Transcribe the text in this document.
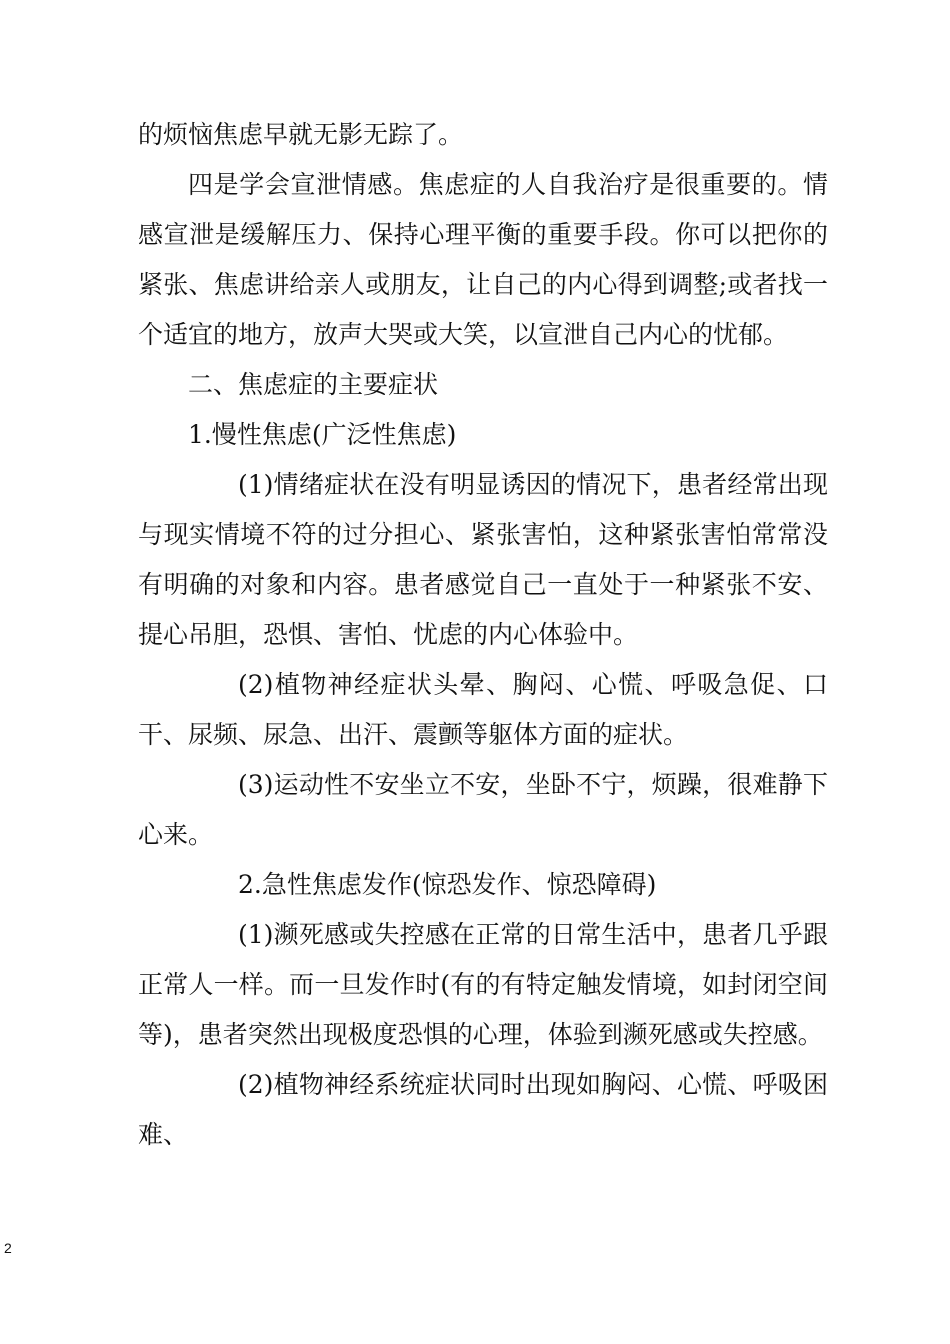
的烦恼焦虑早就无影无踪了。

四是学会宣泄情感。焦虑症的人自我治疗是很重要的。情感宣泄是缓解压力、保持心理平衡的重要手段。你可以把你的紧张、焦虑讲给亲人或朋友，让自己的内心得到调整;或者找一个适宜的地方，放声大哭或大笑，以宣泄自己内心的忧郁。

二、焦虑症的主要症状

1.慢性焦虑(广泛性焦虑)

(1)情绪症状在没有明显诱因的情况下，患者经常出现与现实情境不符的过分担心、紧张害怕，这种紧张害怕常常没有明确的对象和内容。患者感觉自己一直处于一种紧张不安、提心吊胆，恐惧、害怕、忧虑的内心体验中。

(2)植物神经症状头晕、胸闷、心慌、呼吸急促、口干、尿频、尿急、出汗、震颤等躯体方面的症状。

(3)运动性不安坐立不安，坐卧不宁，烦躁，很难静下心来。

2.急性焦虑发作(惊恐发作、惊恐障碍)

(1)濒死感或失控感在正常的日常生活中，患者几乎跟正常人一样。而一旦发作时(有的有特定触发情境，如封闭空间等)，患者突然出现极度恐惧的心理，体验到濒死感或失控感。

(2)植物神经系统症状同时出现如胸闷、心慌、呼吸困难、

2
